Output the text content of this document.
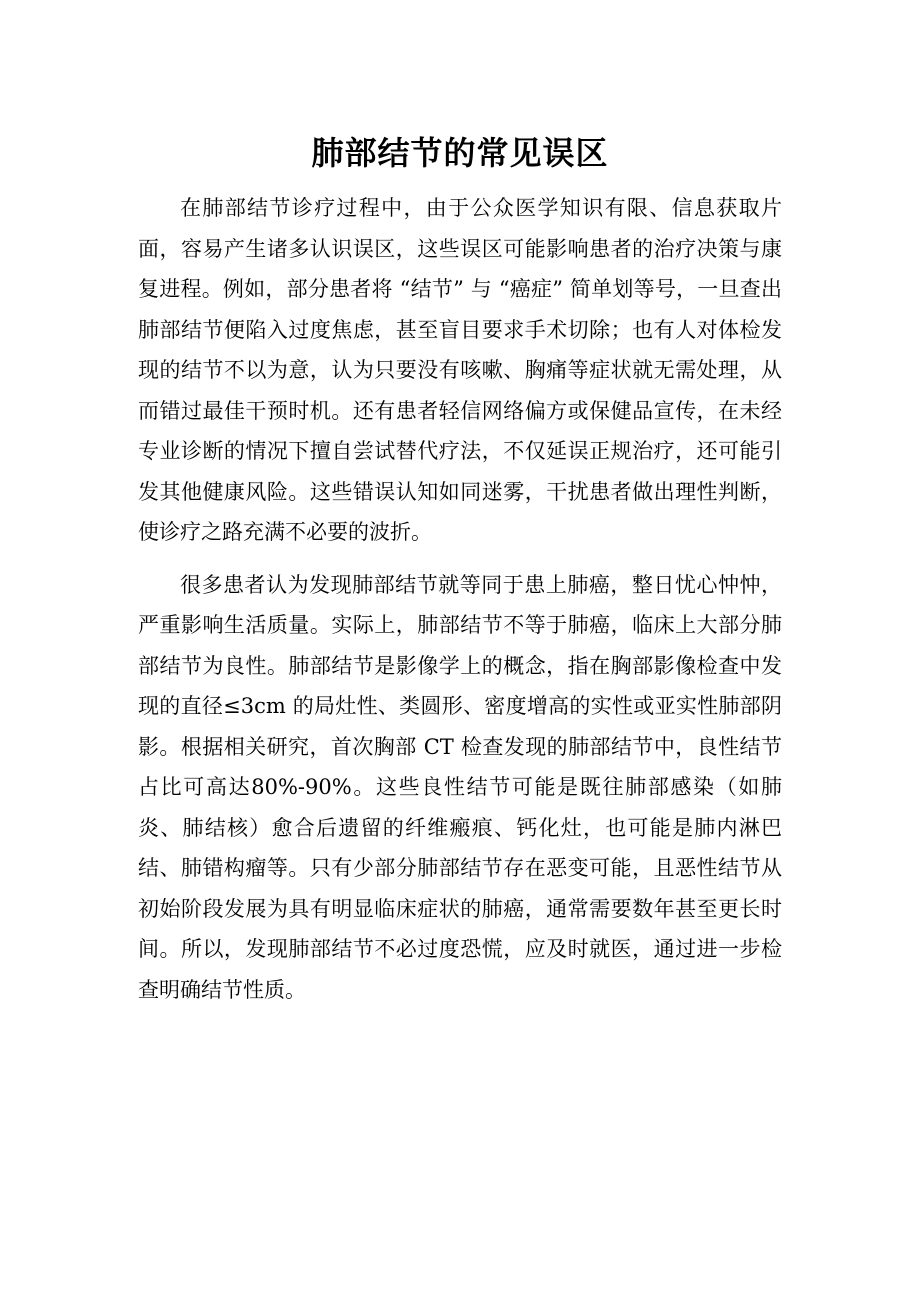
肺部结节的常见误区

在肺部结节诊疗过程中，由于公众医学知识有限、信息获取片面，容易产生诸多认识误区，这些误区可能影响患者的治疗决策与康复进程。例如，部分患者将 “结节” 与 “癌症” 简单划等号，一旦查出肺部结节便陷入过度焦虑，甚至盲目要求手术切除；也有人对体检发现的结节不以为意，认为只要没有咳嗽、胸痛等症状就无需处理，从而错过最佳干预时机。还有患者轻信网络偏方或保健品宣传，在未经专业诊断的情况下擅自尝试替代疗法，不仅延误正规治疗，还可能引发其他健康风险。这些错误认知如同迷雾，干扰患者做出理性判断，使诊疗之路充满不必要的波折。

很多患者认为发现肺部结节就等同于患上肺癌，整日忧心忡忡，严重影响生活质量。实际上，肺部结节不等于肺癌，临床上大部分肺部结节为良性。肺部结节是影像学上的概念，指在胸部影像检查中发现的直径≤3cm 的局灶性、类圆形、密度增高的实性或亚实性肺部阴影。根据相关研究，首次胸部 CT 检查发现的肺部结节中，良性结节占比可高达80%-90%。这些良性结节可能是既往肺部感染（如肺炎、肺结核）愈合后遗留的纤维瘢痕、钙化灶，也可能是肺内淋巴结、肺错构瘤等。只有少部分肺部结节存在恶变可能，且恶性结节从初始阶段发展为具有明显临床症状的肺癌，通常需要数年甚至更长时间。所以，发现肺部结节不必过度恐慌，应及时就医，通过进一步检查明确结节性质。
